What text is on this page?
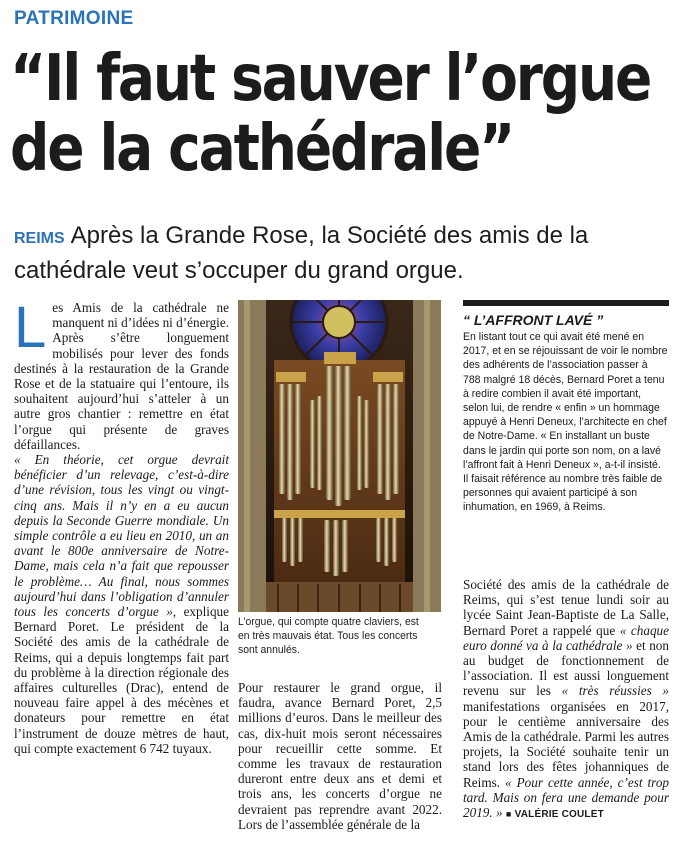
PATRIMOINE
“Il faut sauver l’orgue
de la cathédrale”
REIMS Après la Grande Rose, la Société des amis de la cathédrale veut s’occuper du grand orgue.

Les Amis de la cathédrale ne manquent ni d’idées ni d’énergie. Après s’être longuement mobilisés pour lever des fonds destinés à la restauration de la Grande Rose et de la statuaire qui l’entoure, ils souhaitent aujourd’hui s’atteler à un autre gros chantier : remettre en état l’orgue qui présente de graves défaillances.

« En théorie, cet orgue devrait bénéficier d’un relevage, c’est-à-dire d’une révision, tous les vingt ou vingt-cinq ans. Mais il n’y en a eu aucun depuis la Seconde Guerre mondiale. Un simple contrôle a eu lieu en 2010, un an avant le 800e anniversaire de Notre-Dame, mais cela n’a fait que repousser le problème… Au final, nous sommes aujourd’hui dans l’obligation d’annuler tous les concerts d’orgue », explique Bernard Poret. Le président de la Société des amis de la cathédrale de Reims, qui a depuis longtemps fait part du problème à la direction régionale des affaires culturelles (Drac), entend de nouveau faire appel à des mécènes et donateurs pour remettre en état l’instrument de douze mètres de haut, qui compte exactement 6 742 tuyaux.

L’orgue, qui compte quatre claviers, est en très mauvais état. Tous les concerts sont annulés.
“ L’AFFRONT LAVÉ ”
En listant tout ce qui avait été mené en 2017, et en se réjouissant de voir le nombre des adhérents de l’association passer à 788 malgré 18 décès, Bernard Poret a tenu à redire combien il avait été important, selon lui, de rendre « enfin » un hommage appuyé à Henri Deneux, l’architecte en chef de Notre-Dame. « En installant un buste dans le jardin qui porte son nom, on a lavé l’affront fait à Henri Deneux », a-t-il insisté. Il faisait référence au nombre très faible de personnes qui avaient participé à son inhumation, en 1969, à Reims.

Pour restaurer le grand orgue, il faudra, avance Bernard Poret, 2,5 millions d’euros. Dans le meilleur des cas, dix-huit mois seront nécessaires pour recueillir cette somme. Et comme les travaux de restauration dureront entre deux ans et demi et trois ans, les concerts d’orgue ne devraient pas reprendre avant 2022. Lors de l’assemblée générale de la

Société des amis de la cathédrale de Reims, qui s’est tenue lundi soir au lycée Saint Jean-Baptiste de La Salle, Bernard Poret a rappelé que « chaque euro donné va à la cathédrale » et non au budget de fonctionnement de l’association. Il est aussi longuement revenu sur les « très réussies » manifestations organisées en 2017, pour le centième anniversaire des Amis de la cathédrale. Parmi les autres projets, la Société souhaite tenir un stand lors des fêtes johanniques de Reims. « Pour cette année, c’est trop tard. Mais on fera une demande pour 2019. » ■ VALÉRIE COULET
